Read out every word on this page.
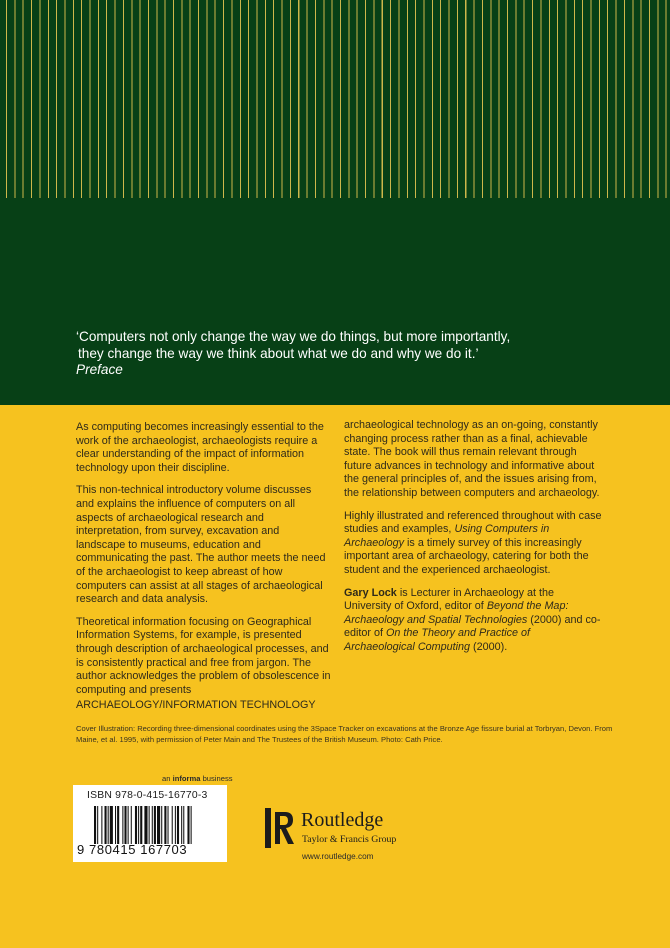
‘Computers not only change the way we do things, but more importantly,
they change the way we think about what we do and why we do it.’
Preface

As computing becomes increasingly essential to the work of the archaeologist, archaeologists require a clear understanding of the impact of information technology upon their discipline.

This non-technical introductory volume discusses and explains the influence of computers on all aspects of archaeological research and interpretation, from survey, excavation and landscape to museums, education and communicating the past. The author meets the need of the archaeologist to keep abreast of how computers can assist at all stages of archaeological research and data analysis.

Theoretical information focusing on Geographical Information Systems, for example, is presented through description of archaeological processes, and is consistently practical and free from jargon. The author acknowledges the problem of obsolescence in computing and presents

archaeological technology as an on-going, constantly changing process rather than as a final, achievable state. The book will thus remain relevant through future advances in technology and informative about the general principles of, and the issues arising from, the relationship between computers and archaeology.

Highly illustrated and referenced throughout with case studies and examples, Using Computers in Archaeology is a timely survey of this increasingly important area of archaeology, catering for both the student and the experienced archaeologist.

Gary Lock is Lecturer in Archaeology at the University of Oxford, editor of Beyond the Map: Archaeology and Spatial Technologies (2000) and co-editor of On the Theory and Practice of Archaeological Computing (2000).

ARCHAEOLOGY/INFORMATION TECHNOLOGY
Cover Illustration: Recording three-dimensional coordinates using the 3Space Tracker on excavations at the Bronze Age fissure burial at Torbryan, Devon. From Maine, et al. 1995, with permission of Peter Main and The Trustees of the British Museum. Photo: Cath Price.
an informa business
ISBN 978-0-415-16770-3
9 780415 167703
Routledge
Taylor & Francis Group
www.routledge.com
